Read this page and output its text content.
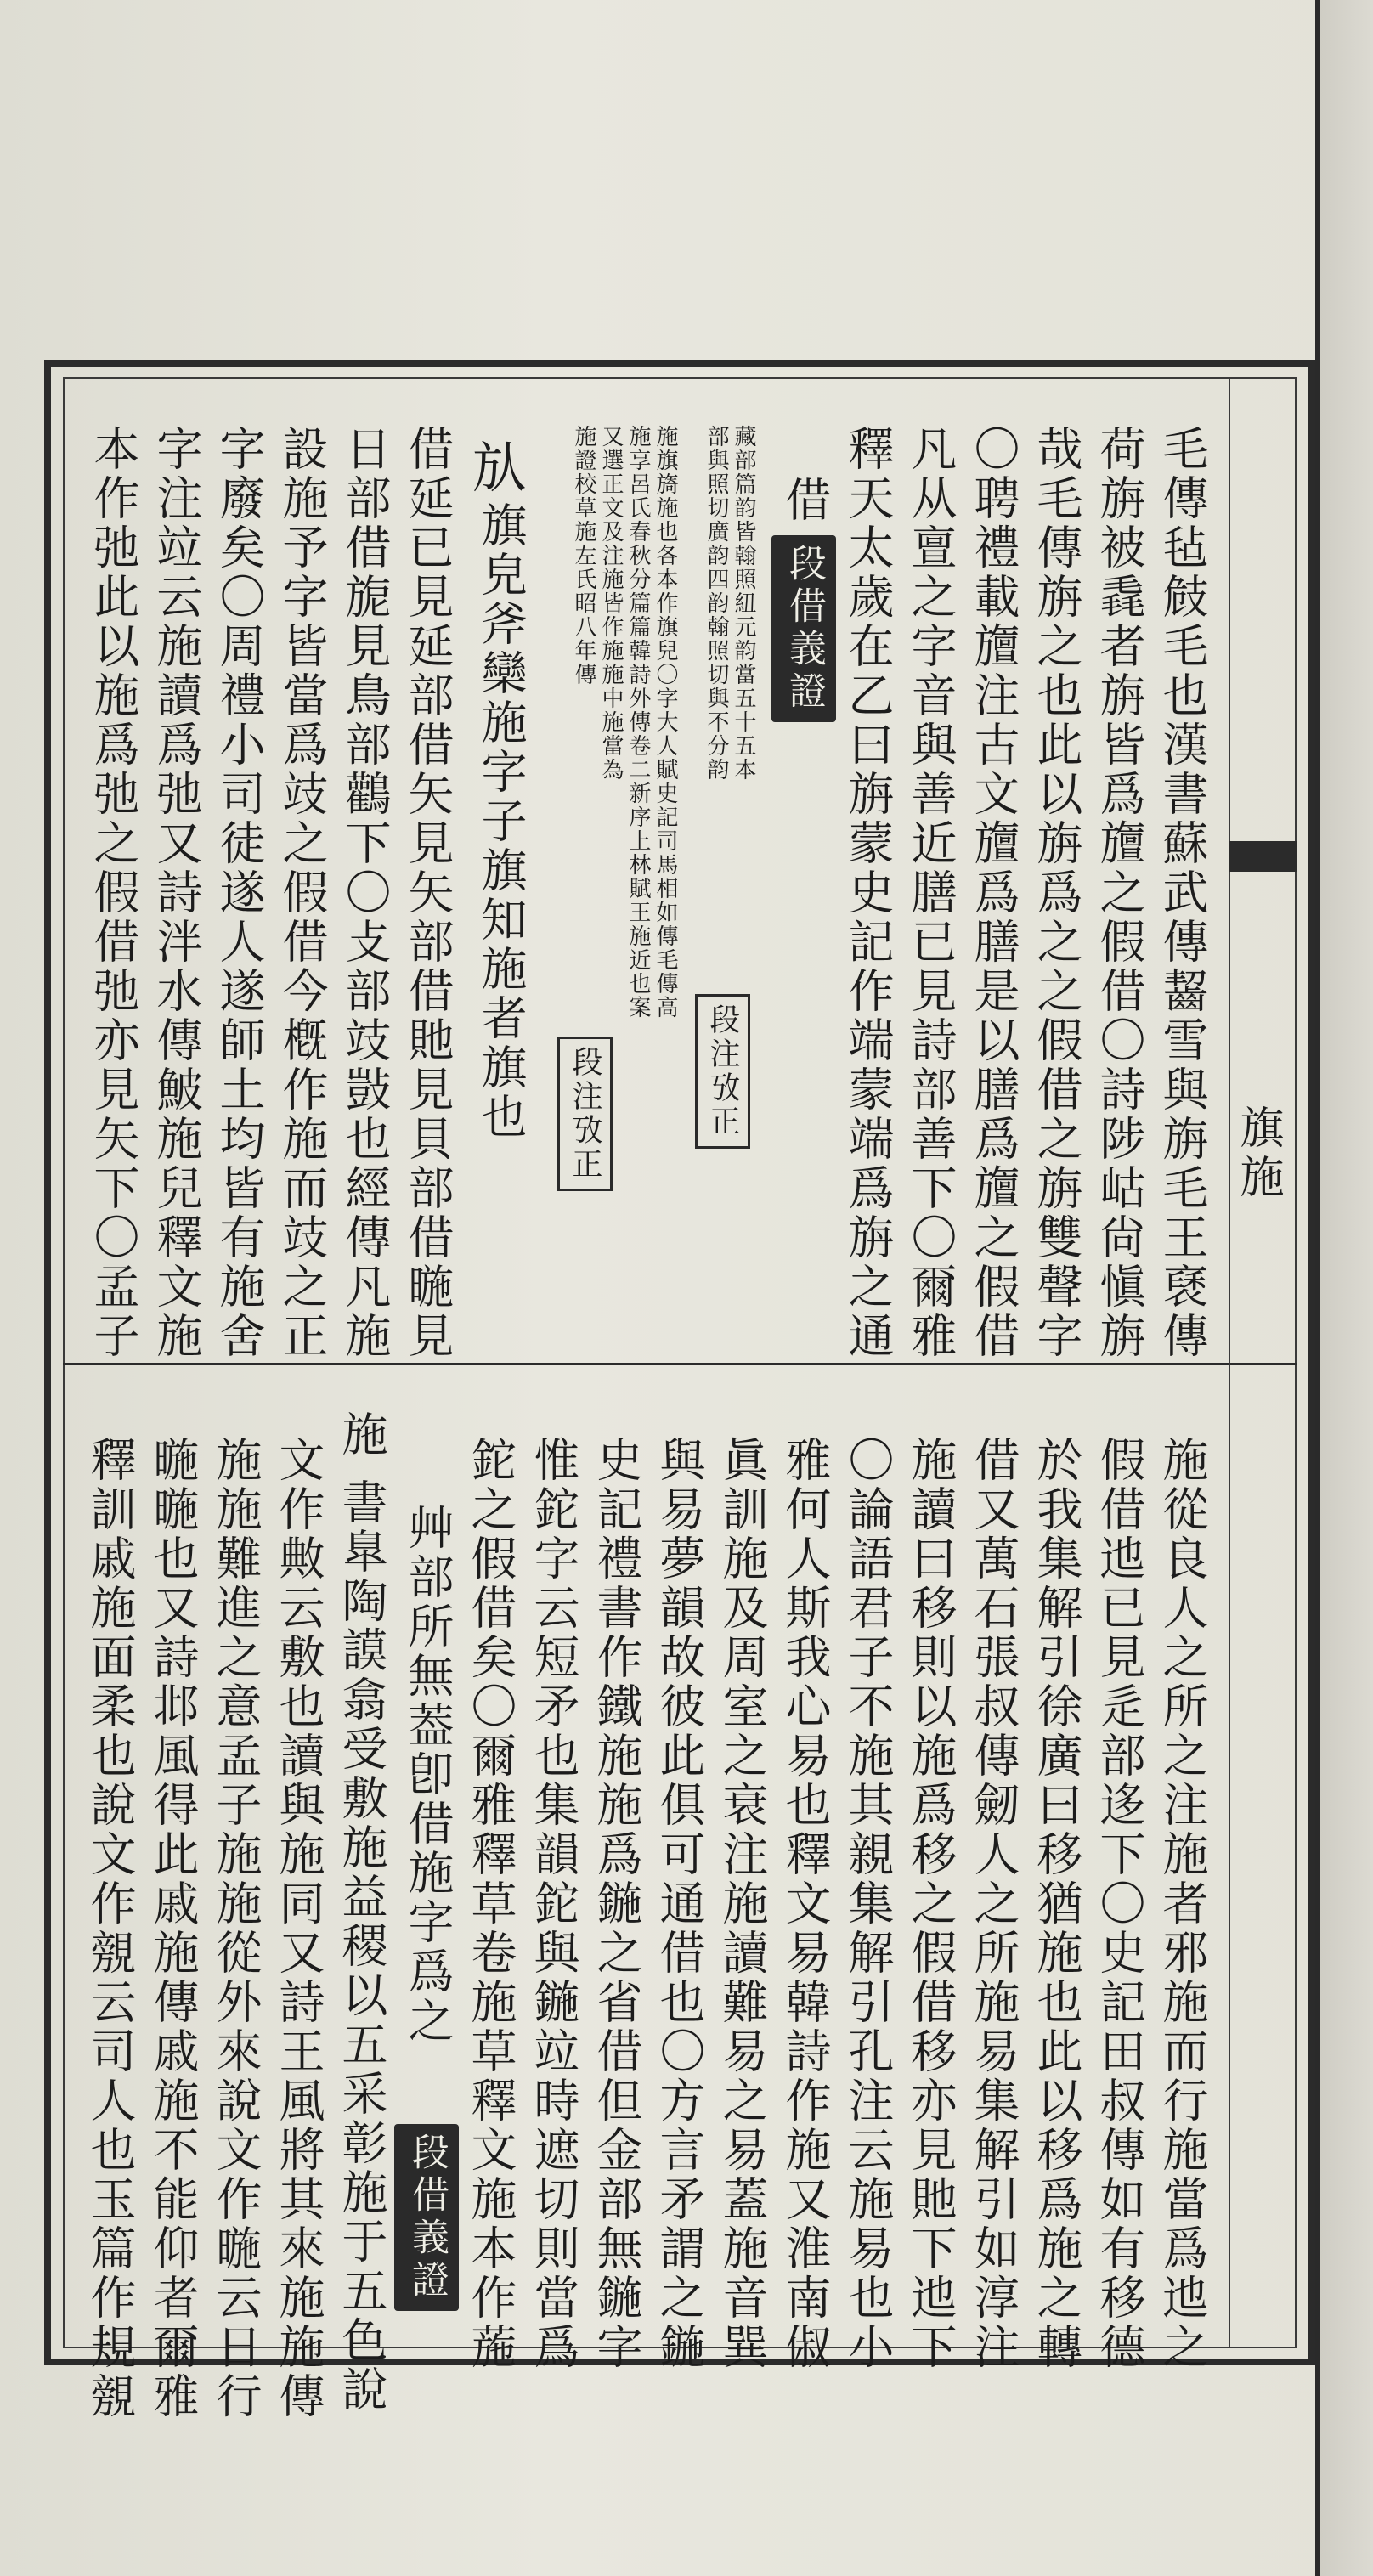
旗施
毛傳毡㩻毛也漢書蘇武傳齧雪與旃毛王褎傳
荷旃被毳者旃皆爲旜之假借〇詩陟岵尙愼旃
哉毛傳旃之也此以旃爲之之假借之旃雙聲字
〇聘禮載旜注古文旜爲膳是以膳爲旜之假借
凡从亶之字音與善近膳已見詩部善下〇爾雅
釋天太歲在乙曰旃蒙史記作端蒙端爲旃之通
借
段借義證
藏部篇韵皆翰照紐元韵當五十五本
部與照切廣韵四韵翰照切與不分韵
段注攷正
施旗旖施也各本作旗兒〇字大人賦史記司馬相如傳毛傳高
施享呂氏春秋分篇篇韓詩外傳卷二新序上林賦王施近也案
又選正文及注施皆作施施中施當為
施證校草施左氏昭八年傳
段注攷正
㫃
旗皃斧欒施字子旗知施者旗也
借延已見延部借矢見矢部借貤見貝部借暆見
日部借旎見鳥部鸛下〇攴部攱敱也經傳凡施
設施予字皆當爲攱之假借今槪作施而攱之正
字廢矣〇周禮小司徒遂人遂師土均皆有施舍
字注竝云施讀爲弛又詩泮水傳鮍施兒釋文施
本作弛此以施爲弛之假借弛亦見矢下〇孟子
施從良人之所之注施者邪施而行施當爲迆之
假借迆已見辵部迻下〇史記田叔傳如有移德
於我集解引徐廣曰移猶施也此以移爲施之轉
借又萬石張叔傳劒人之所施易集解引如淳注
施讀曰移則以施爲移之假借移亦見貤下迆下
〇論語君子不施其親集解引孔注云施易也小
雅何人斯我心易也釋文易韓詩作施又淮南俶
眞訓施及周室之衰注施讀難易之易蓋施音巽
與易夢韻故彼此俱可通借也〇方言矛謂之鍦
史記禮書作鐵施施爲鍦之省借但金部無鍦字
惟鉈字云短矛也集韻鉈與鍦竝時遮切則當爲
鉈之假借矣〇爾雅釋草卷施草釋文施本作葹
艸部所無葢卽借施字爲之
段借義證
施
書臯陶謨翕受敷施益稷以五采彰施于五色說
文作敟云敷也讀與施同又詩王風將其來施施傳
施施難進之意孟子施施從外來說文作暆云日行
暆暆也又詩邶風得此戚施傳戚施不能仰者爾雅
釋訓戚施面柔也說文作覫云司人也玉篇作規覫
